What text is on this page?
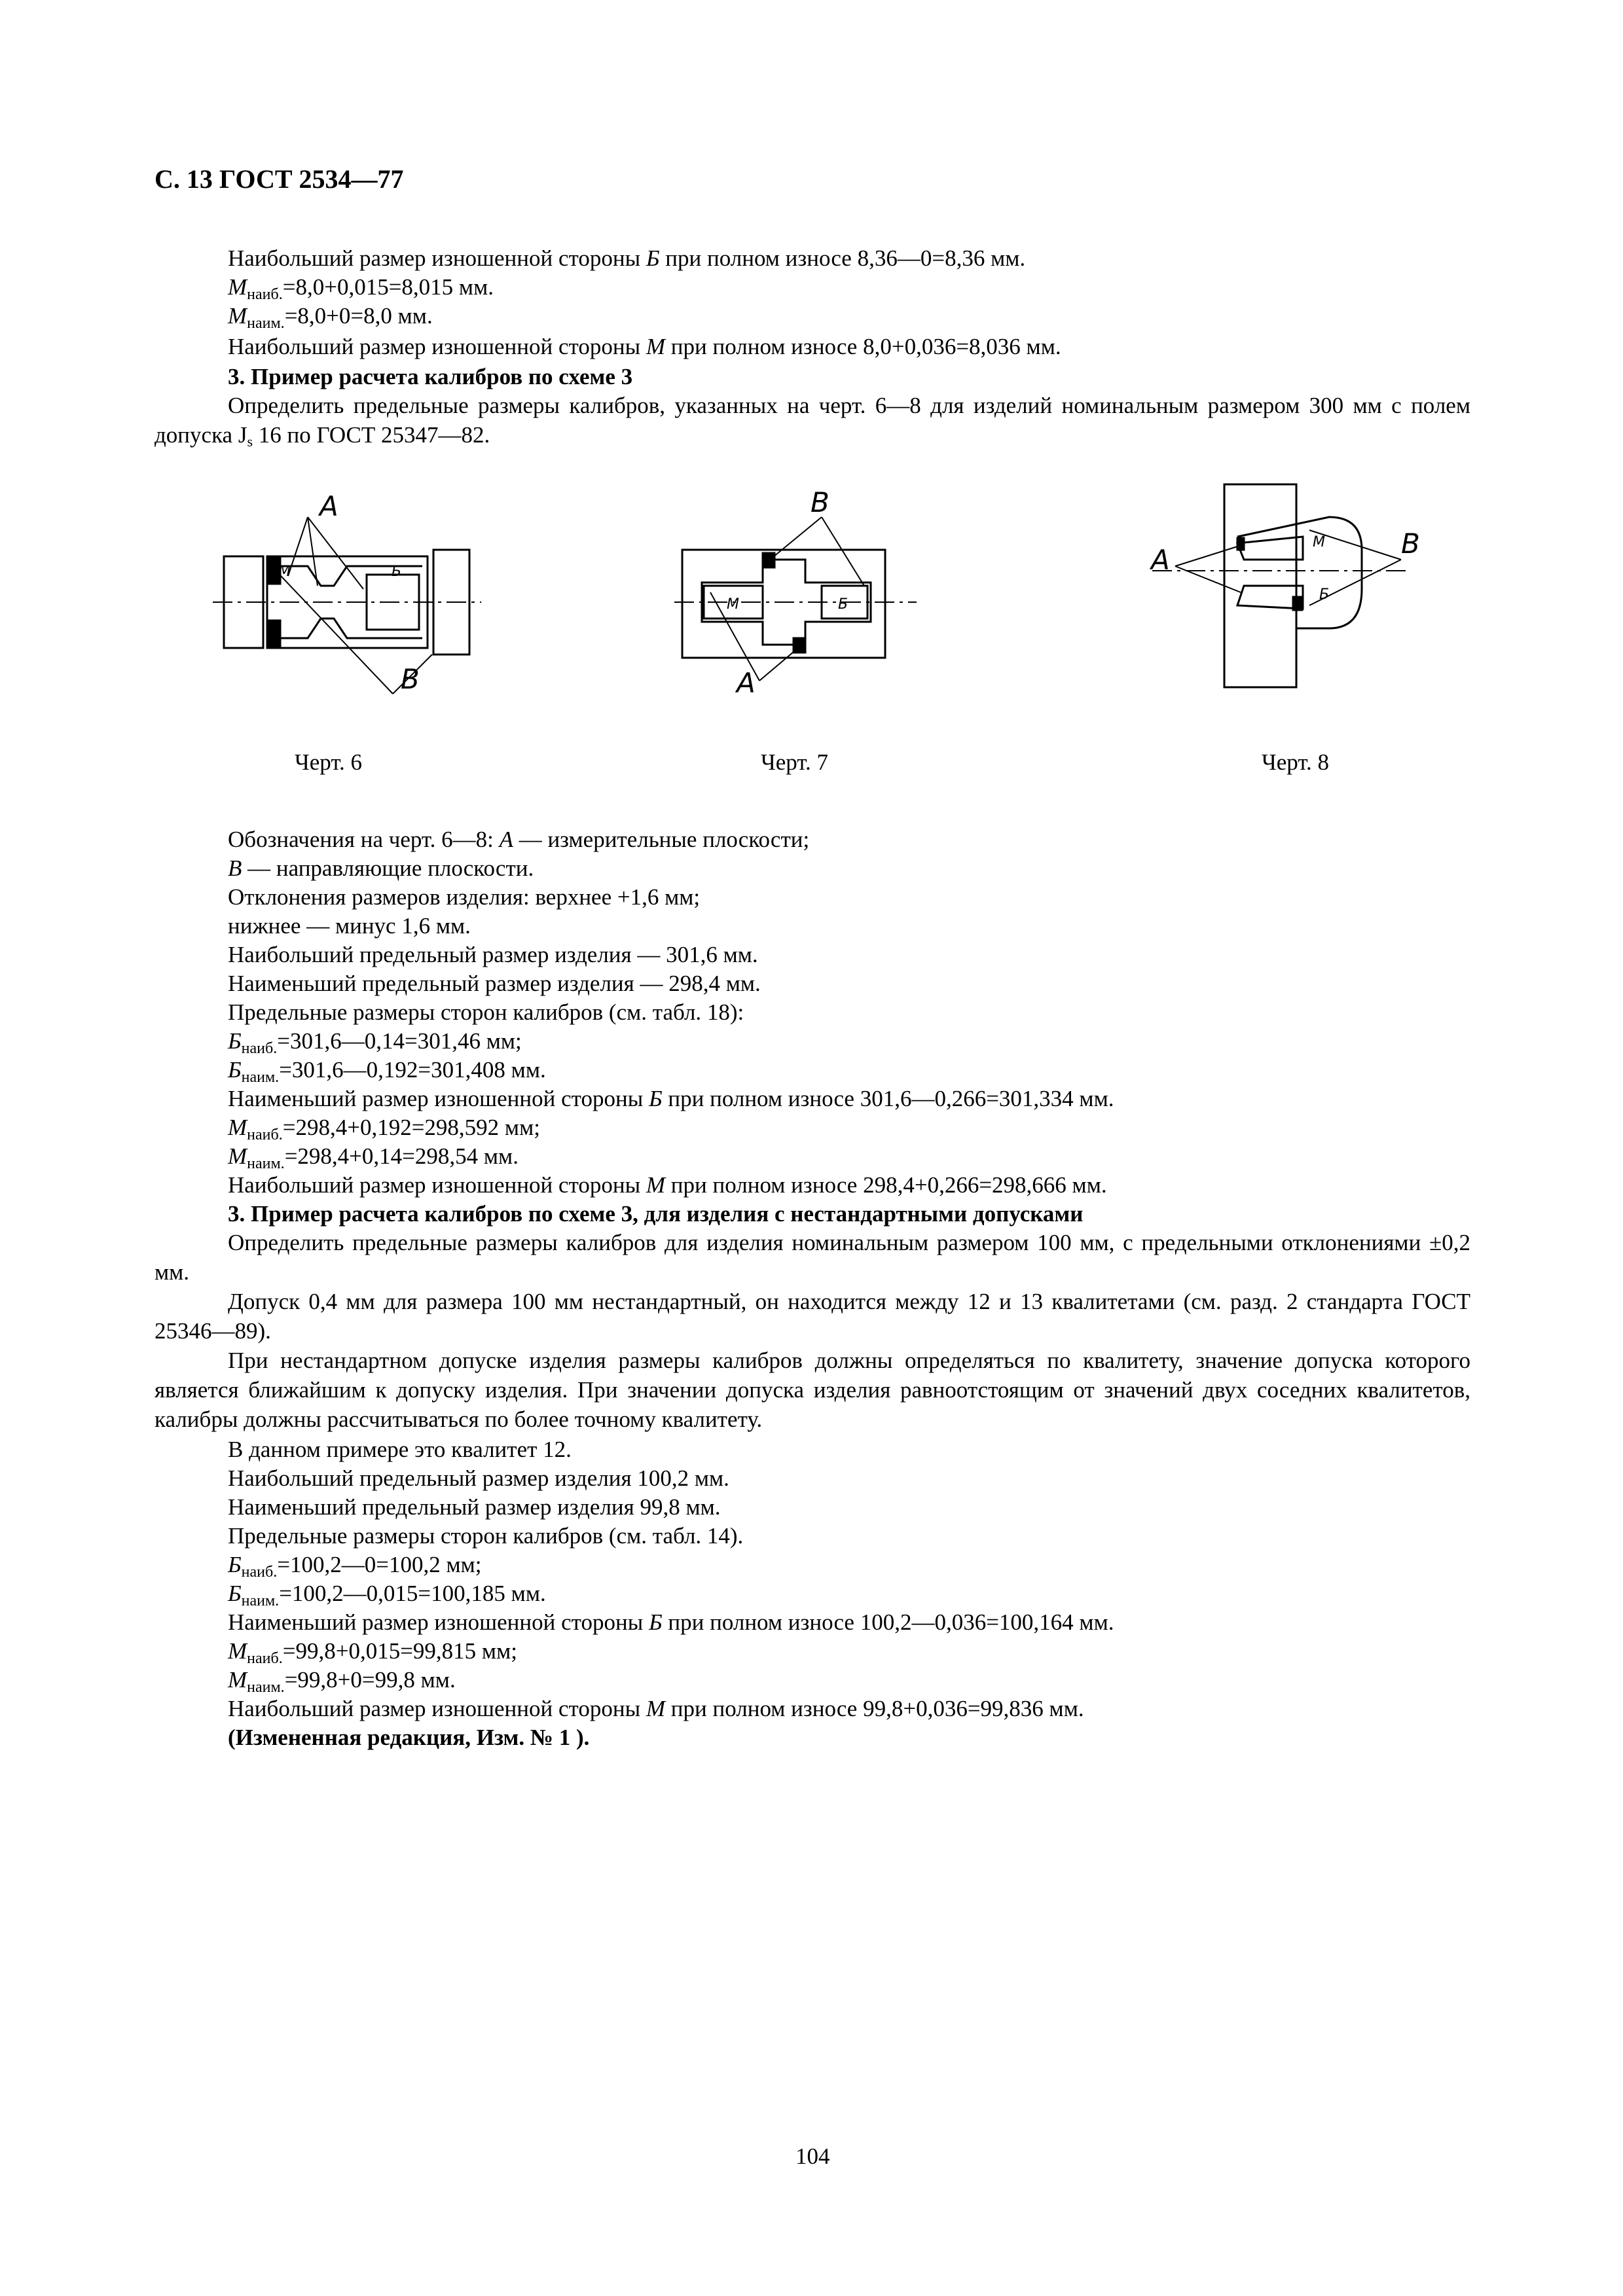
С. 13 ГОСТ 2534—77
Наибольший размер изношенной стороны Б при полном износе 8,36—0=8,36 мм.
$М_{наиб.}=8,0+0,015=8,015$ мм.
$М_{наим.}=8,0+0=8,0$ мм.
Наибольший размер изношенной стороны М при полном износе 8,0+0,036=8,036 мм.
3. Пример расчета калибров по схеме 3

Определить предельные размеры калибров, указанных на черт. 6—8 для изделий номинальным размером 300 мм с полем допуска $J_s$ 16 по ГОСТ 25347—82.

А
В
М	Б
В
А
М	Б
А
В
М
Б
Черт. 6	Черт. 7	Черт. 8
Обозначения на черт. 6—8: А — измерительные плоскости;
В — направляющие плоскости.
Отклонения размеров изделия: верхнее +1,6 мм;
нижнее — минус 1,6 мм.
Наибольший предельный размер изделия — 301,6 мм.
Наименьший предельный размер изделия — 298,4 мм.
Предельные размеры сторон калибров (см. табл. 18):
$Б_{наиб.}=301,6—0,14=301,46$ мм;
$Б_{наим.}=301,6—0,192=301,408$ мм.
Наименьший размер изношенной стороны Б при полном износе 301,6—0,266=301,334 мм.
$М_{наиб.}=298,4+0,192=298,592$ мм;
$М_{наим.}=298,4+0,14=298,54$ мм.
Наибольший размер изношенной стороны М при полном износе 298,4+0,266=298,666 мм.
3. Пример расчета калибров по схеме 3, для изделия с нестандартными допусками

Определить предельные размеры калибров для изделия номинальным размером 100 мм, с предельными отклонениями ±0,2 мм.

Допуск 0,4 мм для размера 100 мм нестандартный, он находится между 12 и 13 квалитетами (см. разд. 2 стандарта ГОСТ 25346—89).

При нестандартном допуске изделия размеры калибров должны определяться по квалитету, значение допуска которого является ближайшим к допуску изделия. При значении допуска изделия равноотстоящим от значений двух соседних квалитетов, калибры должны рассчитываться по более точному квалитету.

В данном примере это квалитет 12.
Наибольший предельный размер изделия 100,2 мм.
Наименьший предельный размер изделия 99,8 мм.
Предельные размеры сторон калибров (см. табл. 14).
$Б_{наиб.}=100,2—0=100,2$ мм;
$Б_{наим.}=100,2—0,015=100,185$ мм.
Наименьший размер изношенной стороны Б при полном износе 100,2—0,036=100,164 мм.
$М_{наиб.}=99,8+0,015=99,815$ мм;
$М_{наим.}=99,8+0=99,8$ мм.
Наибольший размер изношенной стороны М при полном износе 99,8+0,036=99,836 мм.
(Измененная редакция, Изм. № 1 ).
104
